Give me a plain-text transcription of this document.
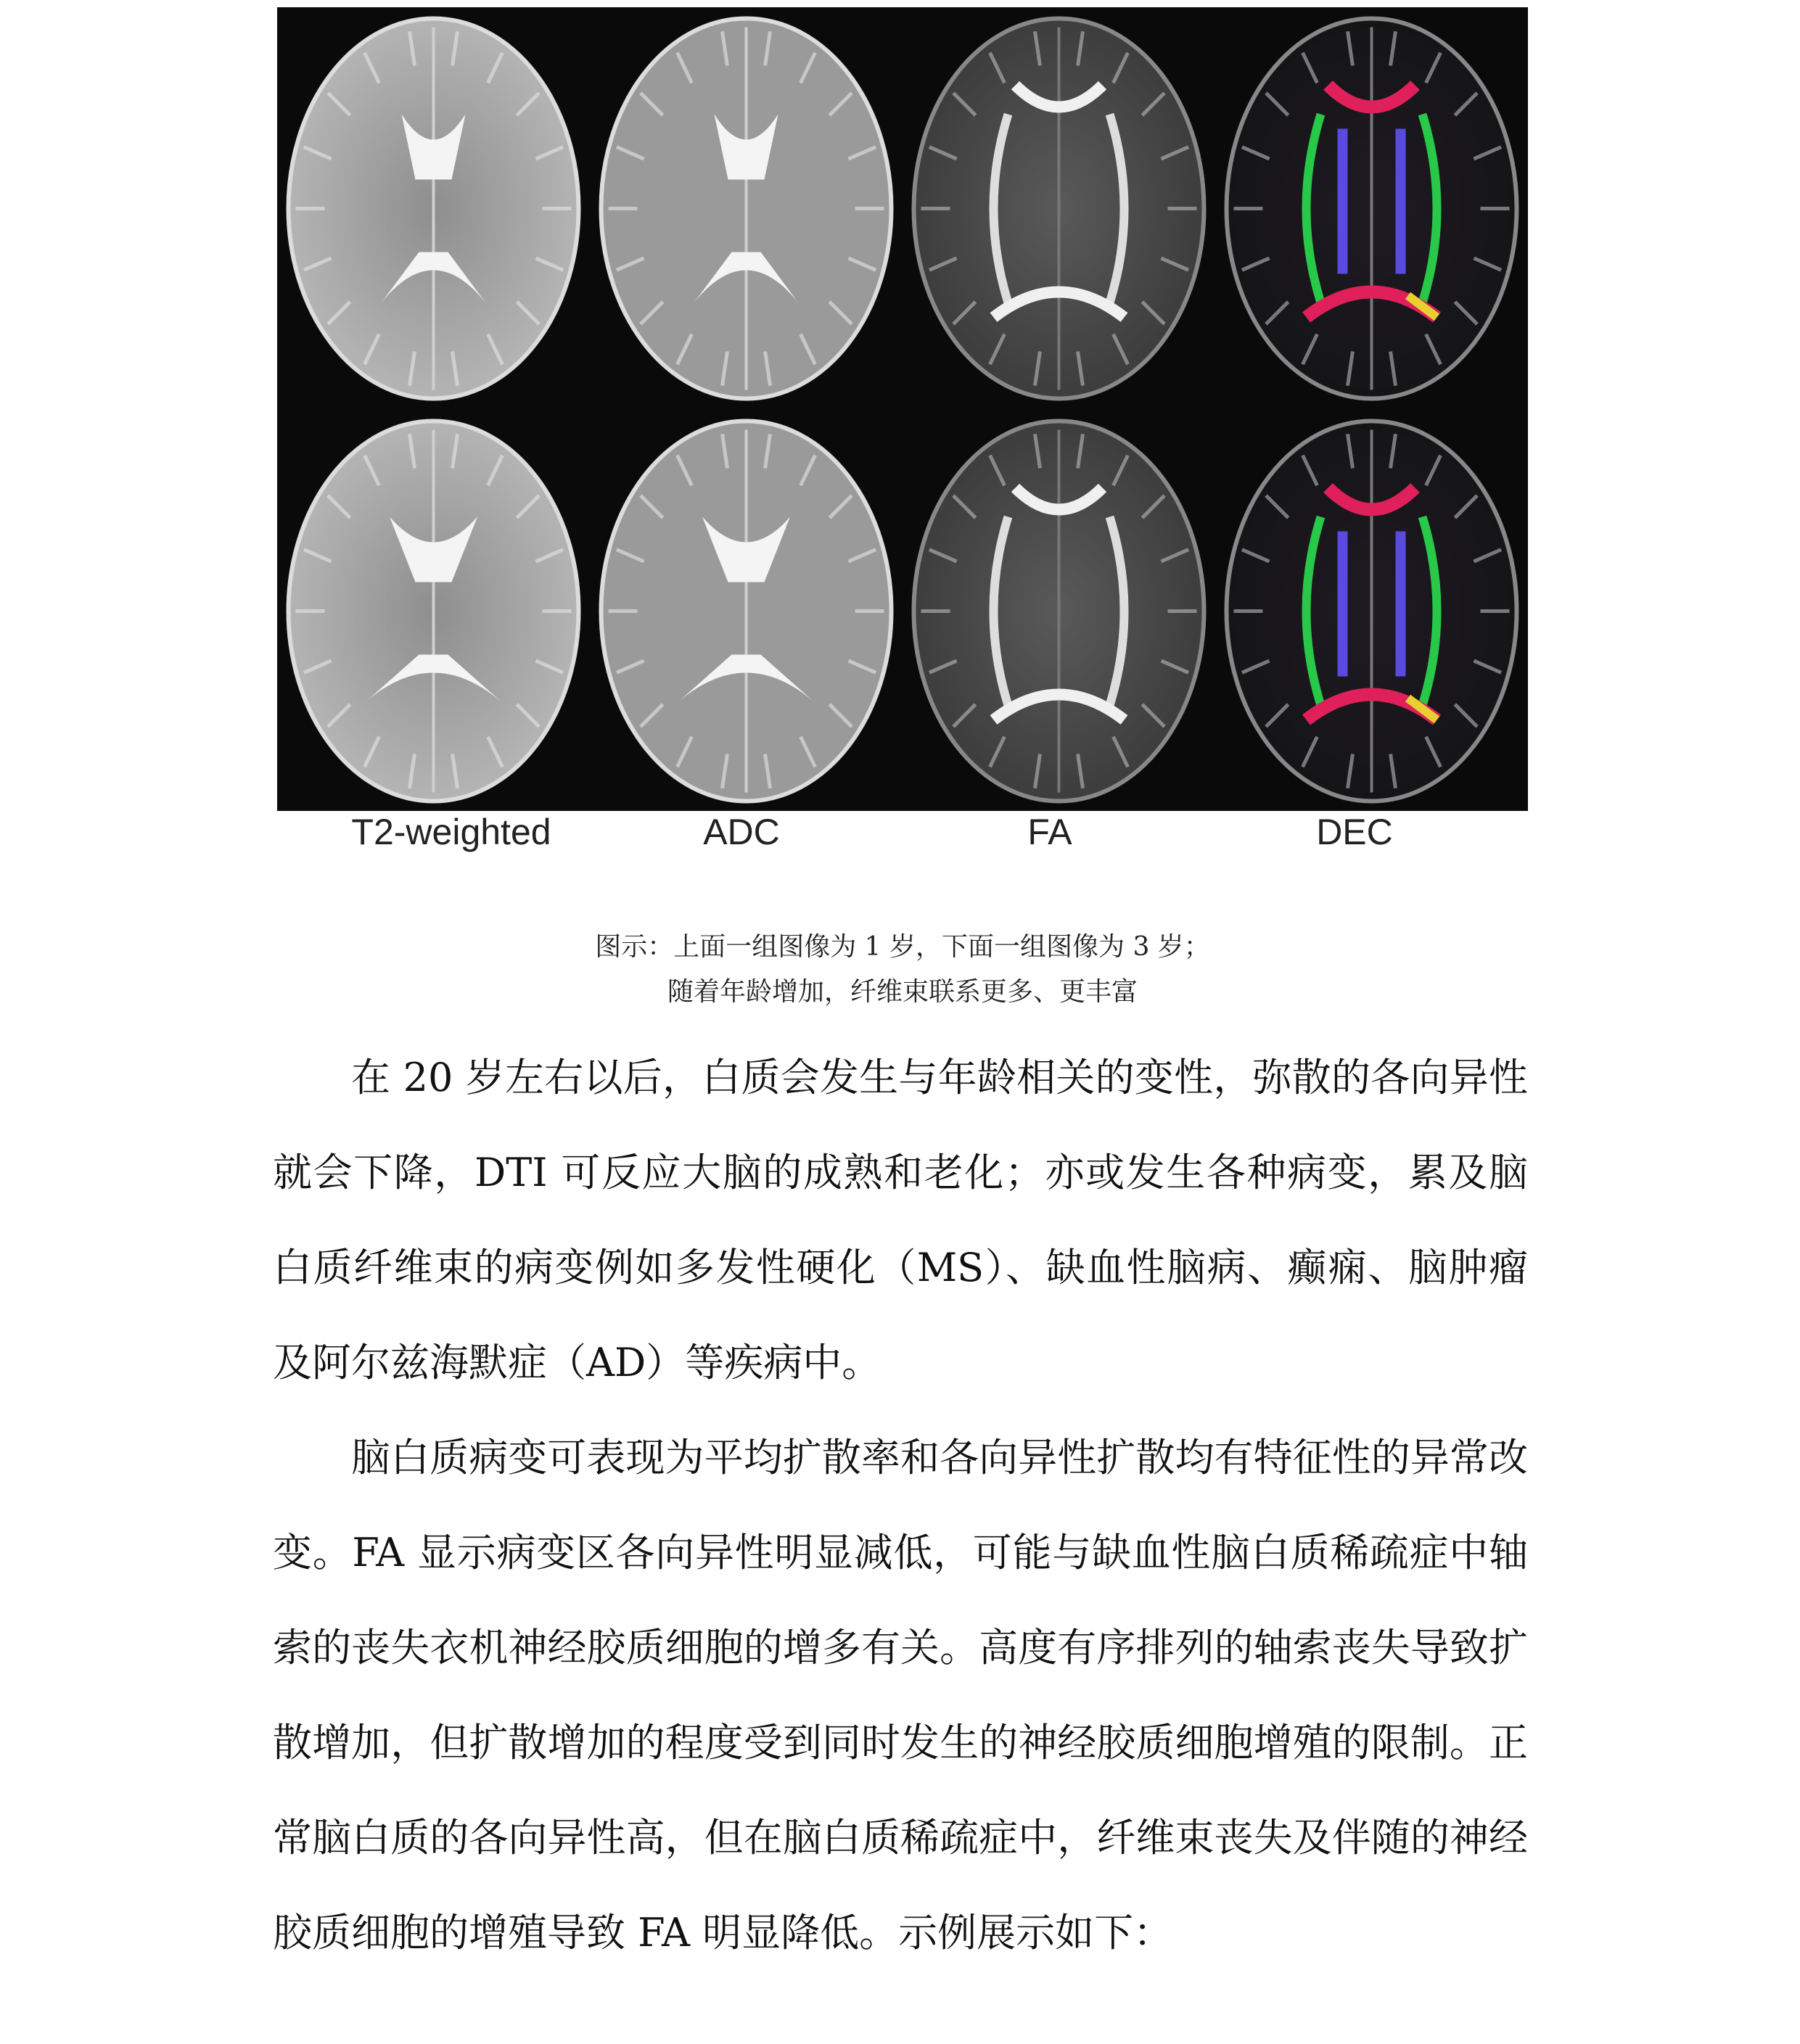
T2-weighted	ADC	FA	DEC
图示：上面一组图像为 1 岁，下面一组图像为 3 岁；
随着年龄增加，纤维束联系更多、更丰富

在 20 岁左右以后，白质会发生与年龄相关的变性，弥散的各向异性就会下降，DTI 可反应大脑的成熟和老化；亦或发生各种病变，累及脑白质纤维束的病变例如多发性硬化（MS）、缺血性脑病、癫痫、脑肿瘤及阿尔兹海默症（AD）等疾病中。

脑白质病变可表现为平均扩散率和各向异性扩散均有特征性的异常改变。FA 显示病变区各向异性明显减低，可能与缺血性脑白质稀疏症中轴索的丧失衣机神经胶质细胞的增多有关。高度有序排列的轴索丧失导致扩散增加，但扩散增加的程度受到同时发生的神经胶质细胞增殖的限制。正常脑白质的各向异性高，但在脑白质稀疏症中，纤维束丧失及伴随的神经胶质细胞的增殖导致 FA 明显降低。示例展示如下：
